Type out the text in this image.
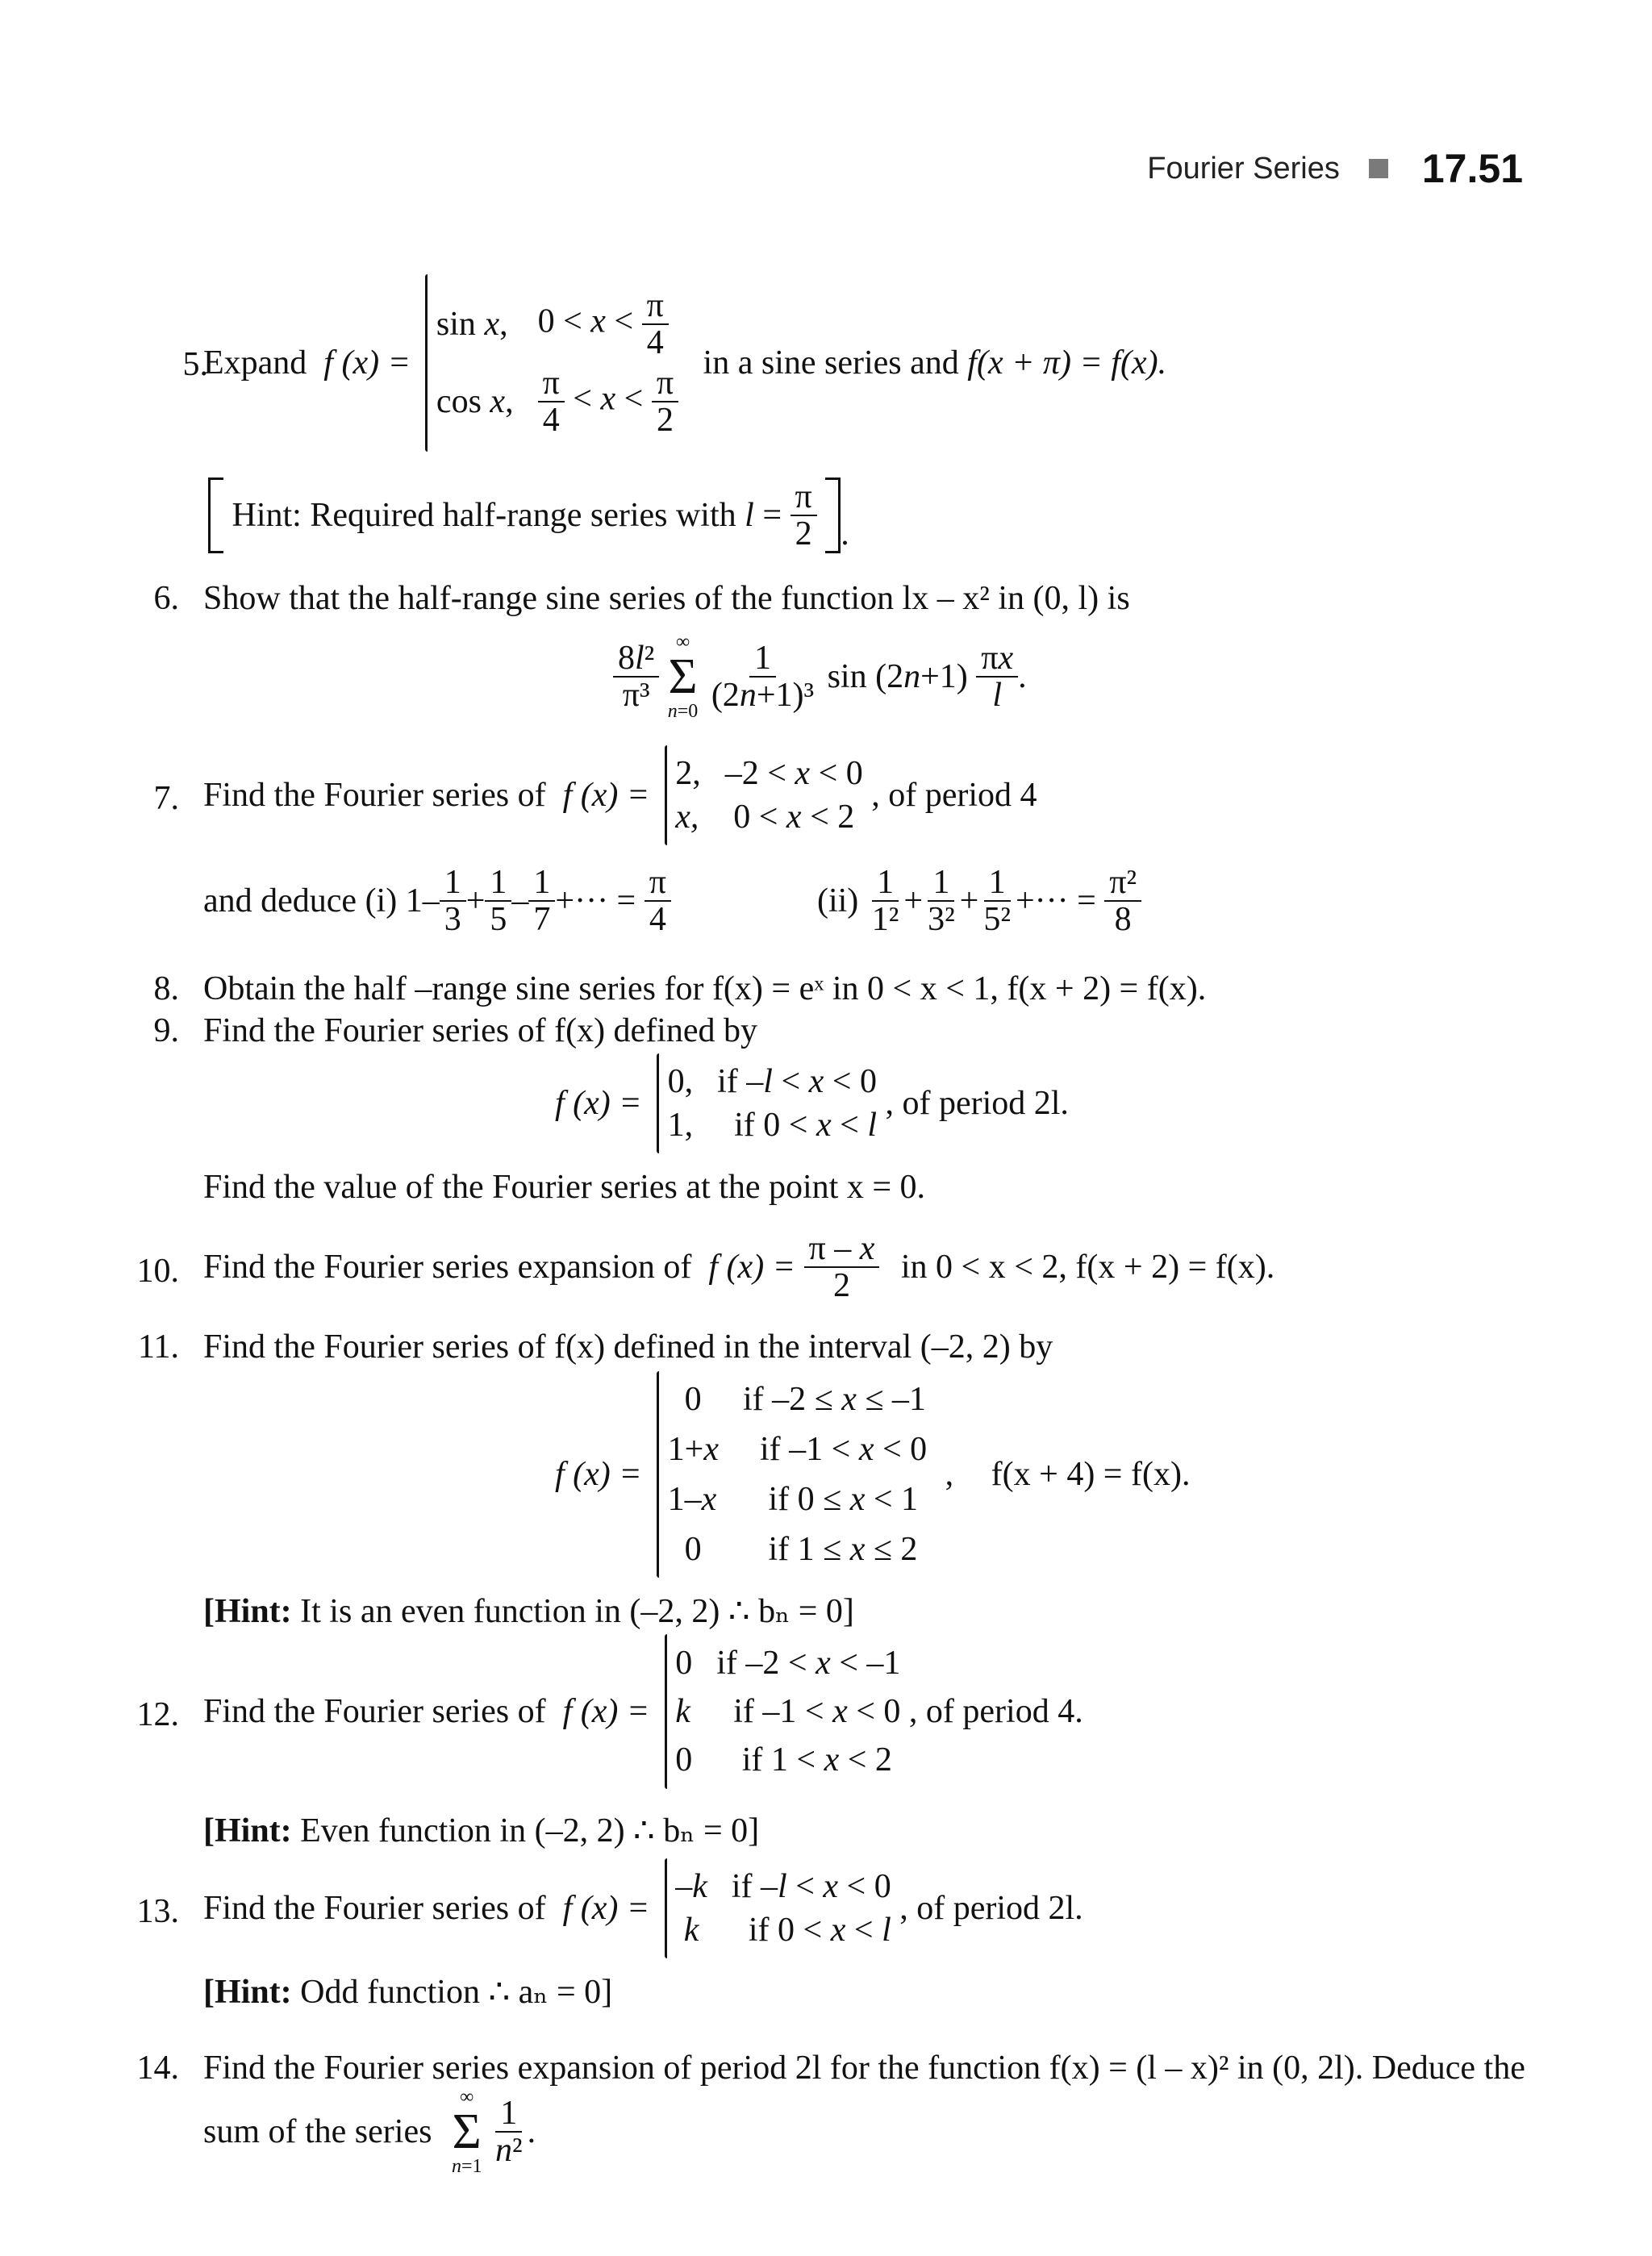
Fourier Series 17.51
5.
Expand  f (x) =
sin x, $0 < x < \frac{\pi}{4}$
cos x, $\frac{\pi}{4} < x < \frac{\pi}{2}$
in a sine series and f(x + π) = f(x).
Hint: Required half-range series with $l = \frac{\pi}{2}$ .
6. Show that the half-range sine series of the function lx – x² in (0, l) is
$\frac{\text{8l²}}{\text{π³}}$
∞
Σ
n=0
$\frac{1}{\text{(2n+1)³}}$ $\sin (2n+1) \frac{\pi x}{l}$ .
7. Find the Fourier series of  f (x) =
2, –2 < x < 0
x, 0 < x < 2
, of period 4
and deduce (i) $1- \frac{1}{3} + \frac{1}{5} - \frac{1}{7}$ +··· = $\frac{\pi}{4}$	$(ii) \frac{1}{\text{1²}} + \frac{1}{\text{3²}} + \frac{1}{\text{5²}}$ +··· = $\frac{\text{π²}}{8}$
8. Obtain the half –range sine series for f(x) = eˣ in 0 < x < 1, f(x + 2) = f(x).
9. Find the Fourier series of f(x) defined by
f (x) =
0, if –l < x < 0
1, if 0 < x < l
, of period 2l.
Find the value of the Fourier series at the point x = 0.
10. Find the Fourier series expansion of  f $(x) = \frac{\pi - x}{2}$ in 0 < x < 2, f(x + 2) = f(x).
11. Find the Fourier series of f(x) defined in the interval (–2, 2) by
f (x) =
0	if –2 ≤ x ≤ –1
1+x if –1 < x < 0
1–x if 0 ≤ x < 1
0	if 1 ≤ x ≤ 2
, f(x + 4) = f(x).
[Hint: It is an even function in (–2, 2) ∴ bₙ = 0]
12. Find the Fourier series of  f (x) =
0 if –2 < x < –1
k if –1 < x < 0
0 if 1 < x < 2
, of period 4.
[Hint: Even function in (–2, 2) ∴ bₙ = 0]
13. Find the Fourier series of  f (x) =
–k if –l < x < 0
k if 0 < x < l
, of period 2l.
[Hint: Odd function ∴ aₙ = 0]
14. Find the Fourier series expansion of period 2l for the function f(x) = (l – x)² in (0, 2l). Deduce the
sum of the series
∞
Σ
n=1
$\frac{1}{\text{n²}}$ .
